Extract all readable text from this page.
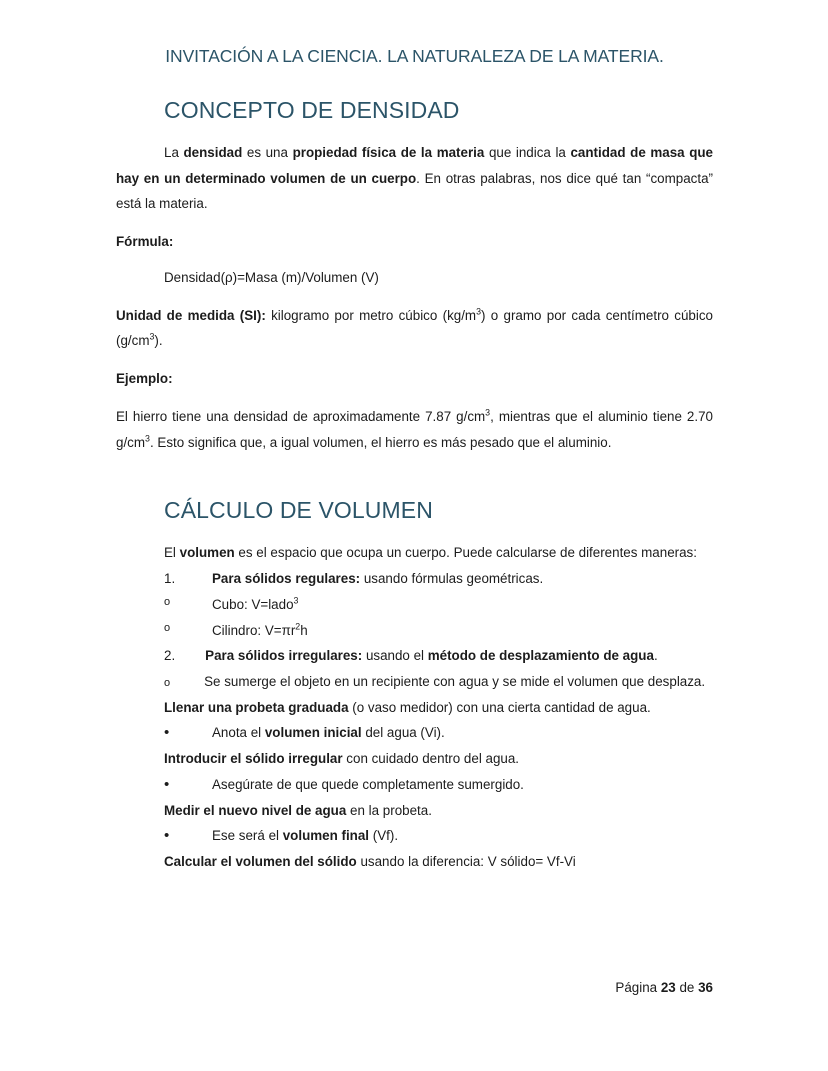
INVITACIÓN A LA CIENCIA. LA NATURALEZA DE LA MATERIA.
CONCEPTO DE DENSIDAD

La densidad es una propiedad física de la materia que indica la cantidad de masa que hay en un determinado volumen de un cuerpo. En otras palabras, nos dice qué tan “compacta” está la materia.

Fórmula:

Densidad(ρ)=Masa (m)/Volumen (V)

Unidad de medida (SI): kilogramo por metro cúbico $(kg/m^3)$ o gramo por cada centímetro cúbico $(g/cm^3)$.

Ejemplo:

El hierro tiene una densidad de aproximadamente 7.87 $g/cm^3$, mientras que el aluminio tiene 2.70 $g/cm^3$. Esto significa que, a igual volumen, el hierro es más pesado que el aluminio.

CÁLCULO DE VOLUMEN

El volumen es el espacio que ocupa un cuerpo. Puede calcularse de diferentes maneras:

1.	Para sólidos regulares: usando fórmulas geométricas.
o	Cubo: V=lado$^3$
o	Cilindro: $V=\pi r^2h$
2. Para sólidos irregulares: usando el método de desplazamiento de agua.
o	Se sumerge el objeto en un recipiente con agua y se mide el volumen que desplaza.
Llenar una probeta graduada (o vaso medidor) con una cierta cantidad de agua.
•	Anota el volumen inicial del agua (Vi).
Introducir el sólido irregular con cuidado dentro del agua.
•	Asegúrate de que quede completamente sumergido.
Medir el nuevo nivel de agua en la probeta.
•	Ese será el volumen final (Vf).
Calcular el volumen del sólido usando la diferencia: V sólido= Vf-Vi
Página 23 de 36
